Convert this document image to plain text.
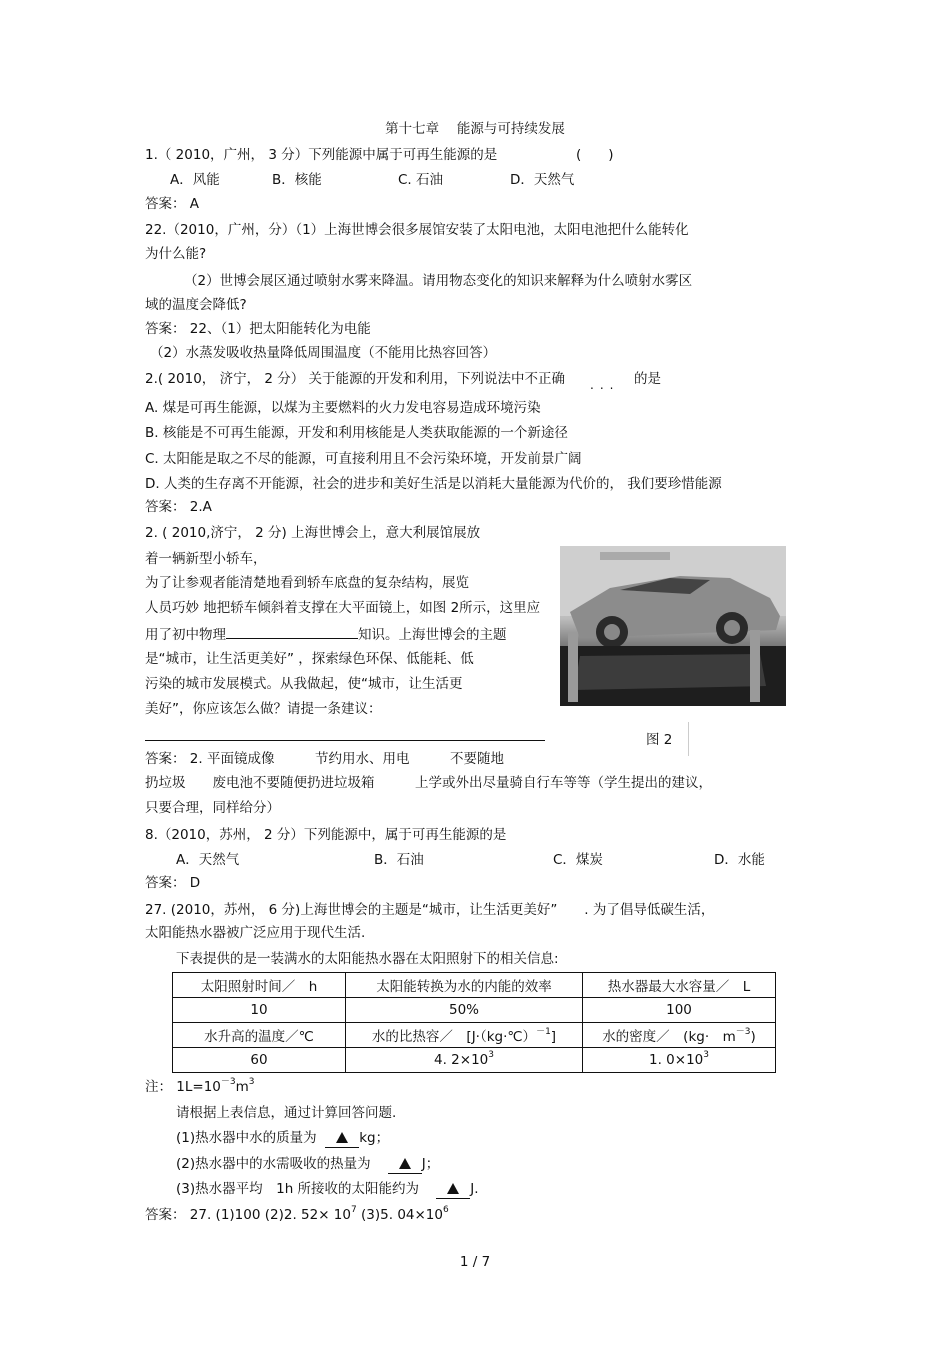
第十七章　 能源与可持续发展
1.（ 2010，广州， 3 分）下列能源中属于可再生能源的是	(　　)
A．风能	B．核能	C. 石油	D．天然气
答案： A
22.（2010，广州，分）（1）上海世博会很多展馆安装了太阳电池，太阳电池把什么能转化
为什么能?
（2）世博会展区通过喷射水雾来降温。请用物态变化的知识来解释为什么喷射水雾区
域的温度会降低?
答案： 22、（1）把太阳能转化为电能
（2）水蒸发吸收热量降低周围温度（不能用比热容回答）
2.( 2010， 济宁， 2 分） 关于能源的开发和利用，下列说法中不正确 ... 的是
A. 煤是可再生能源，以煤为主要燃料的火力发电容易造成环境污染
B. 核能是不可再生能源，开发和利用核能是人类获取能源的一个新途径
C. 太阳能是取之不尽的能源，可直接利用且不会污染环境，开发前景广阔
D. 人类的生存离不开能源，社会的进步和美好生活是以消耗大量能源为代价的， 我们要珍惜能源
答案： 2.A
2. ( 2010,济宁， 2 分) 上海世博会上，意大利展馆展放
着一辆新型小轿车，
为了让参观者能清楚地看到轿车底盘的复杂结构，展览
人员巧妙 地把轿车倾斜着支撑在大平面镜上，如图 2所示，这里应
用了初中物理	知识。上海世博会的主题
是“城市，让生活更美好” ，探索绿色环保、低能耗、低
污染的城市发展模式。从我做起，使“城市，让生活更
美好”，你应该怎么做？请提一条建议：
图 2
答案： 2. 平面镜成像　　　节约用水、用电　　　不要随地
扔垃圾　　废电池不要随便扔进垃圾箱　　　上学或外出尽量骑自行车等等（学生提出的建议，
只要合理，同样给分）
8.（2010，苏州， 2 分）下列能源中，属于可再生能源的是
A．天然气	B．石油	C．煤炭	D．水能
答案： D
27. (2010，苏州， 6 分)上海世博会的主题是“城市，让生活更美好”　　. 为了倡导低碳生活，
太阳能热水器被广泛应用于现代生活.
下表提供的是一装满水的太阳能热水器在太阳照射下的相关信息:
太阳照射时间／　h	太阳能转换为水的内能的效率	热水器最大水容量／　L
10	50%	100
水升高的温度／℃	水的比热容／　[J·（kg·℃）$^{-1}$]	水的密度／　(kg·　$m^{-3}$)
60	4. $2\times 10^3$	1. $0\times 10^3$
注： $1L=10^{-3}m^3$
请根据上表信息，通过计算回答问题.
(1)热水器中水的质量为	kg；
(2)热水器中的水需吸收的热量为	J；
(3)热水器平均　1h 所接收的太阳能约为	J.
答案： 27. (1)100 (2)2. $52\times 10^7$ (3)5. $04\times 10^6$
1 / 7
